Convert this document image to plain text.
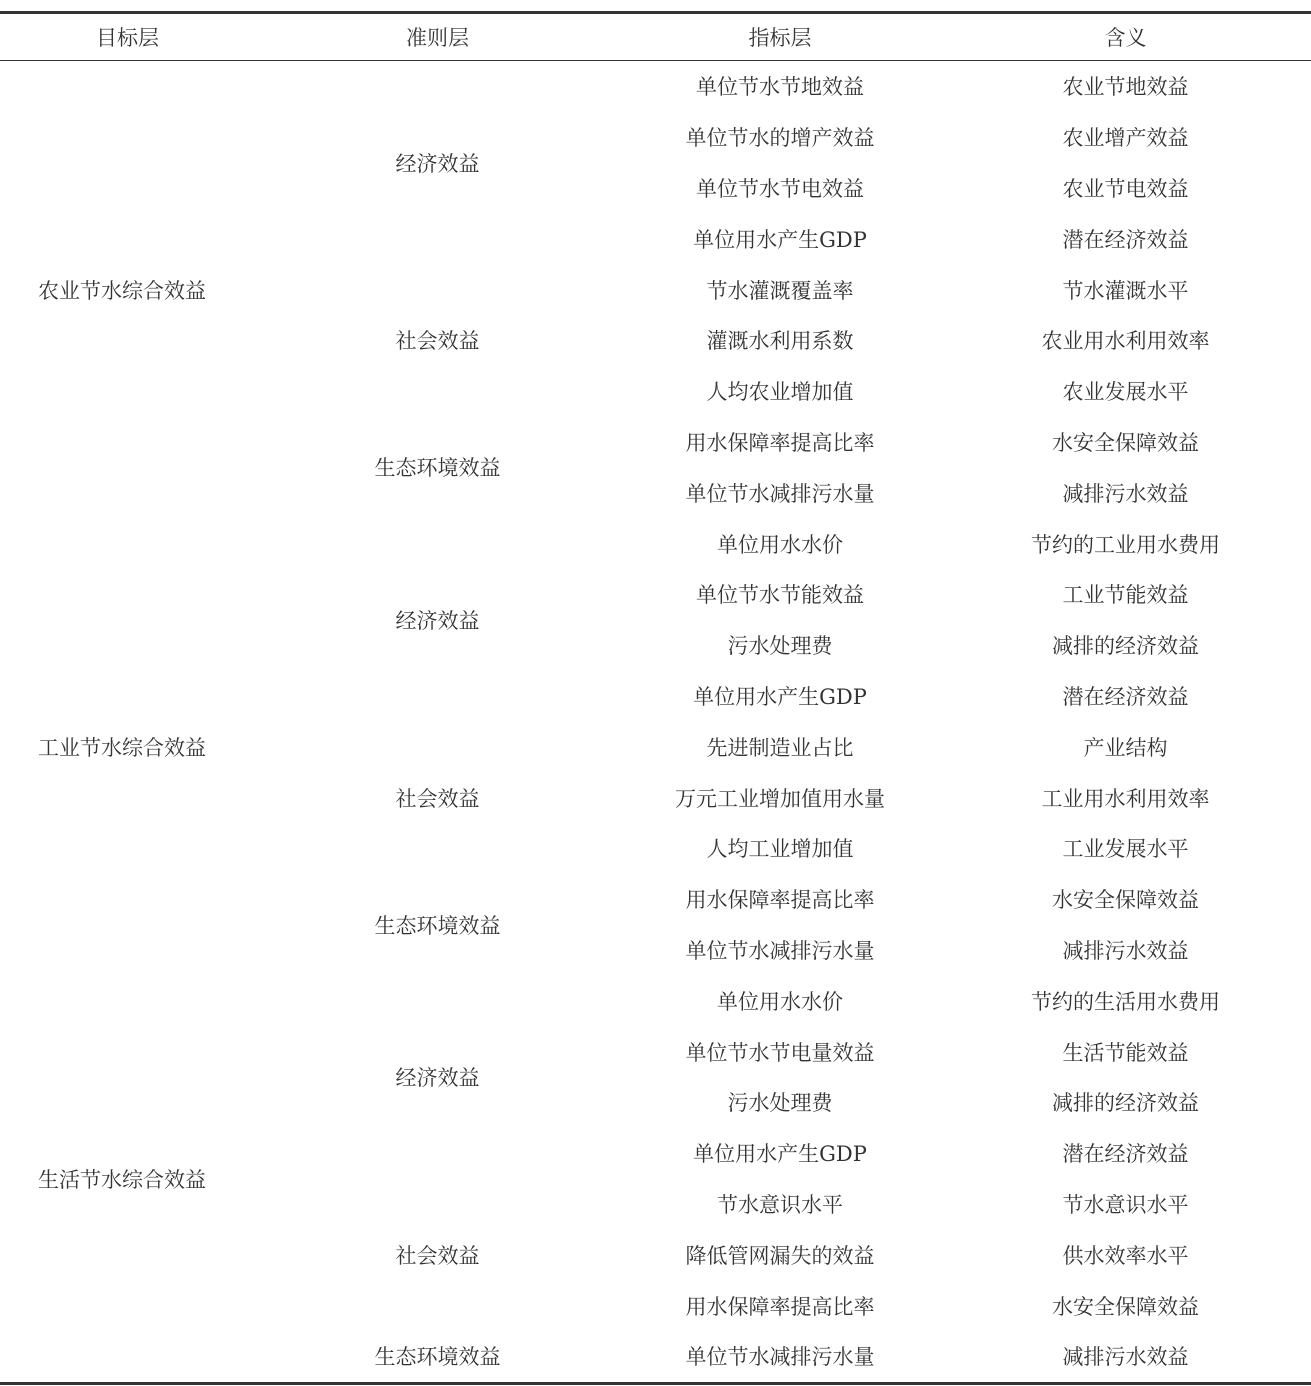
目标层	准则层	指标层	含义
农业节水综合效益	经济效益	单位节水节地效益	农业节地效益
		单位节水的增产效益	农业增产效益
		单位节水节电效益	农业节电效益
		单位用水产生GDP	潜在经济效益
	社会效益	节水灌溉覆盖率	节水灌溉水平
		灌溉水利用系数	农业用水利用效率
		人均农业增加值	农业发展水平
	生态环境效益	用水保障率提高比率	水安全保障效益
		单位节水减排污水量	减排污水效益
工业节水综合效益	经济效益	单位用水水价	节约的工业用水费用
		单位节水节能效益	工业节能效益
		污水处理费	减排的经济效益
		单位用水产生GDP	潜在经济效益
	社会效益	先进制造业占比	产业结构
		万元工业增加值用水量	工业用水利用效率
		人均工业增加值	工业发展水平
	生态环境效益	用水保障率提高比率	水安全保障效益
		单位节水减排污水量	减排污水效益
生活节水综合效益	经济效益	单位用水水价	节约的生活用水费用
		单位节水节电量效益	生活节能效益
		污水处理费	减排的经济效益
		单位用水产生GDP	潜在经济效益
	社会效益	节水意识水平	节水意识水平
		降低管网漏失的效益	供水效率水平
		用水保障率提高比率	水安全保障效益
	生态环境效益	单位节水减排污水量	减排污水效益
